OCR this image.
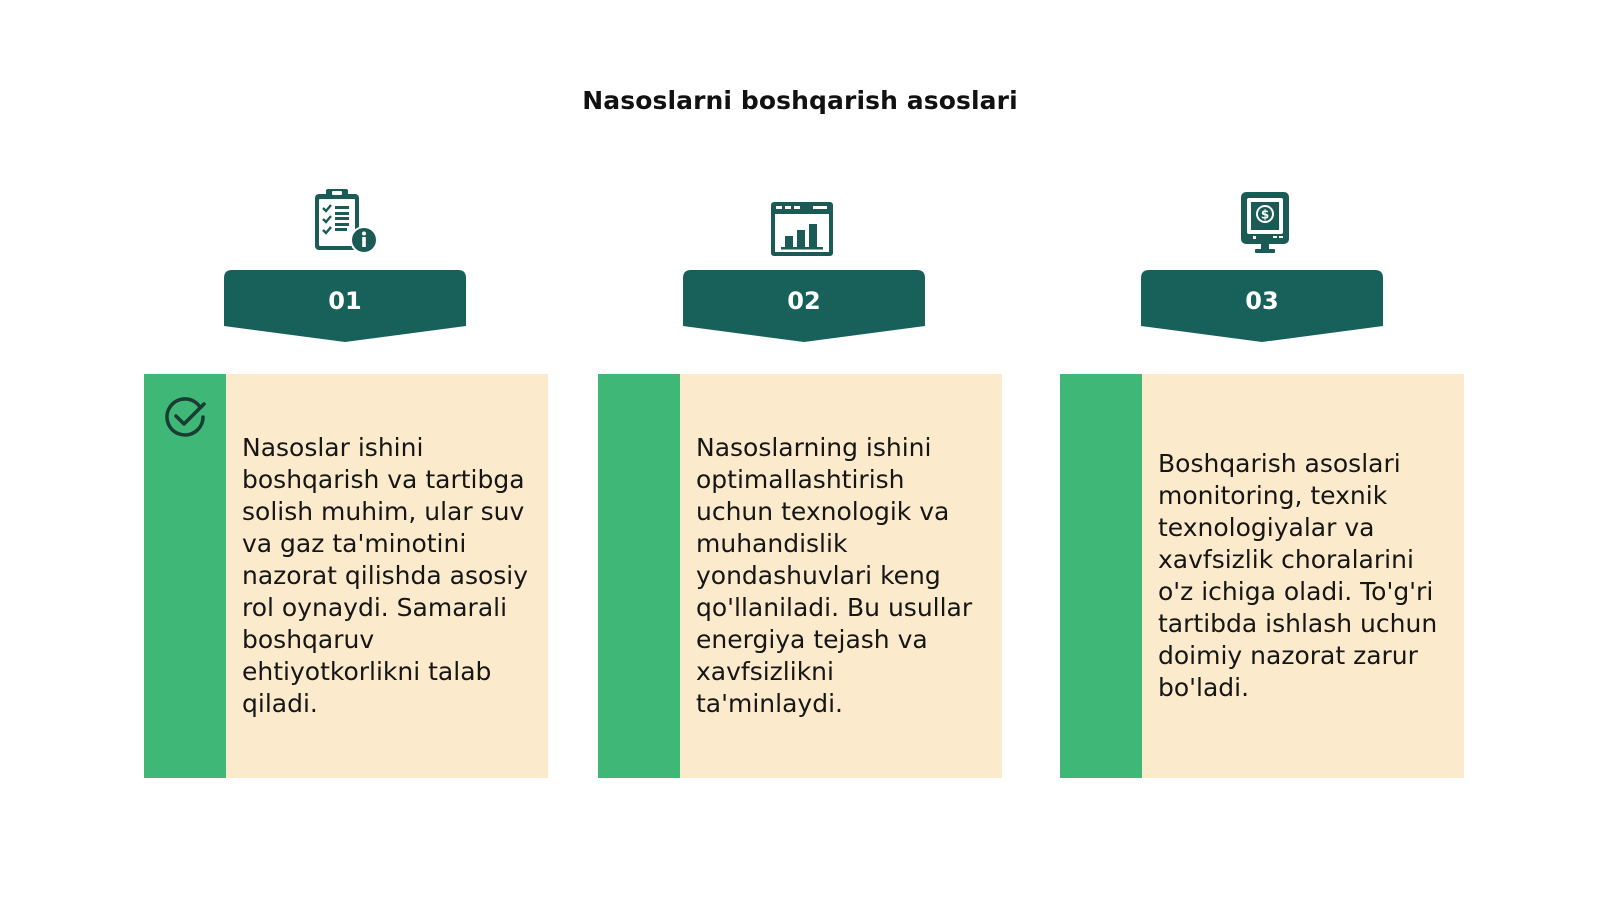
Nasoslarni boshqarish asoslari
01
Nasoslar ishini boshqarish va tartibga solish muhim, ular suv va gaz ta'minotini nazorat qilishda asosiy rol oynaydi. Samarali boshqaruv ehtiyotkorlikni talab qiladi.
02
Nasoslarning ishini optimallashtirish uchun texnologik va muhandislik yondashuvlari keng qo'llaniladi. Bu usullar energiya tejash va xavfsizlikni ta'minlaydi.
$
03
Boshqarish asoslari monitoring, texnik texnologiyalar va xavfsizlik choralarini o'z ichiga oladi. To'g'ri tartibda ishlash uchun doimiy nazorat zarur bo'ladi.
